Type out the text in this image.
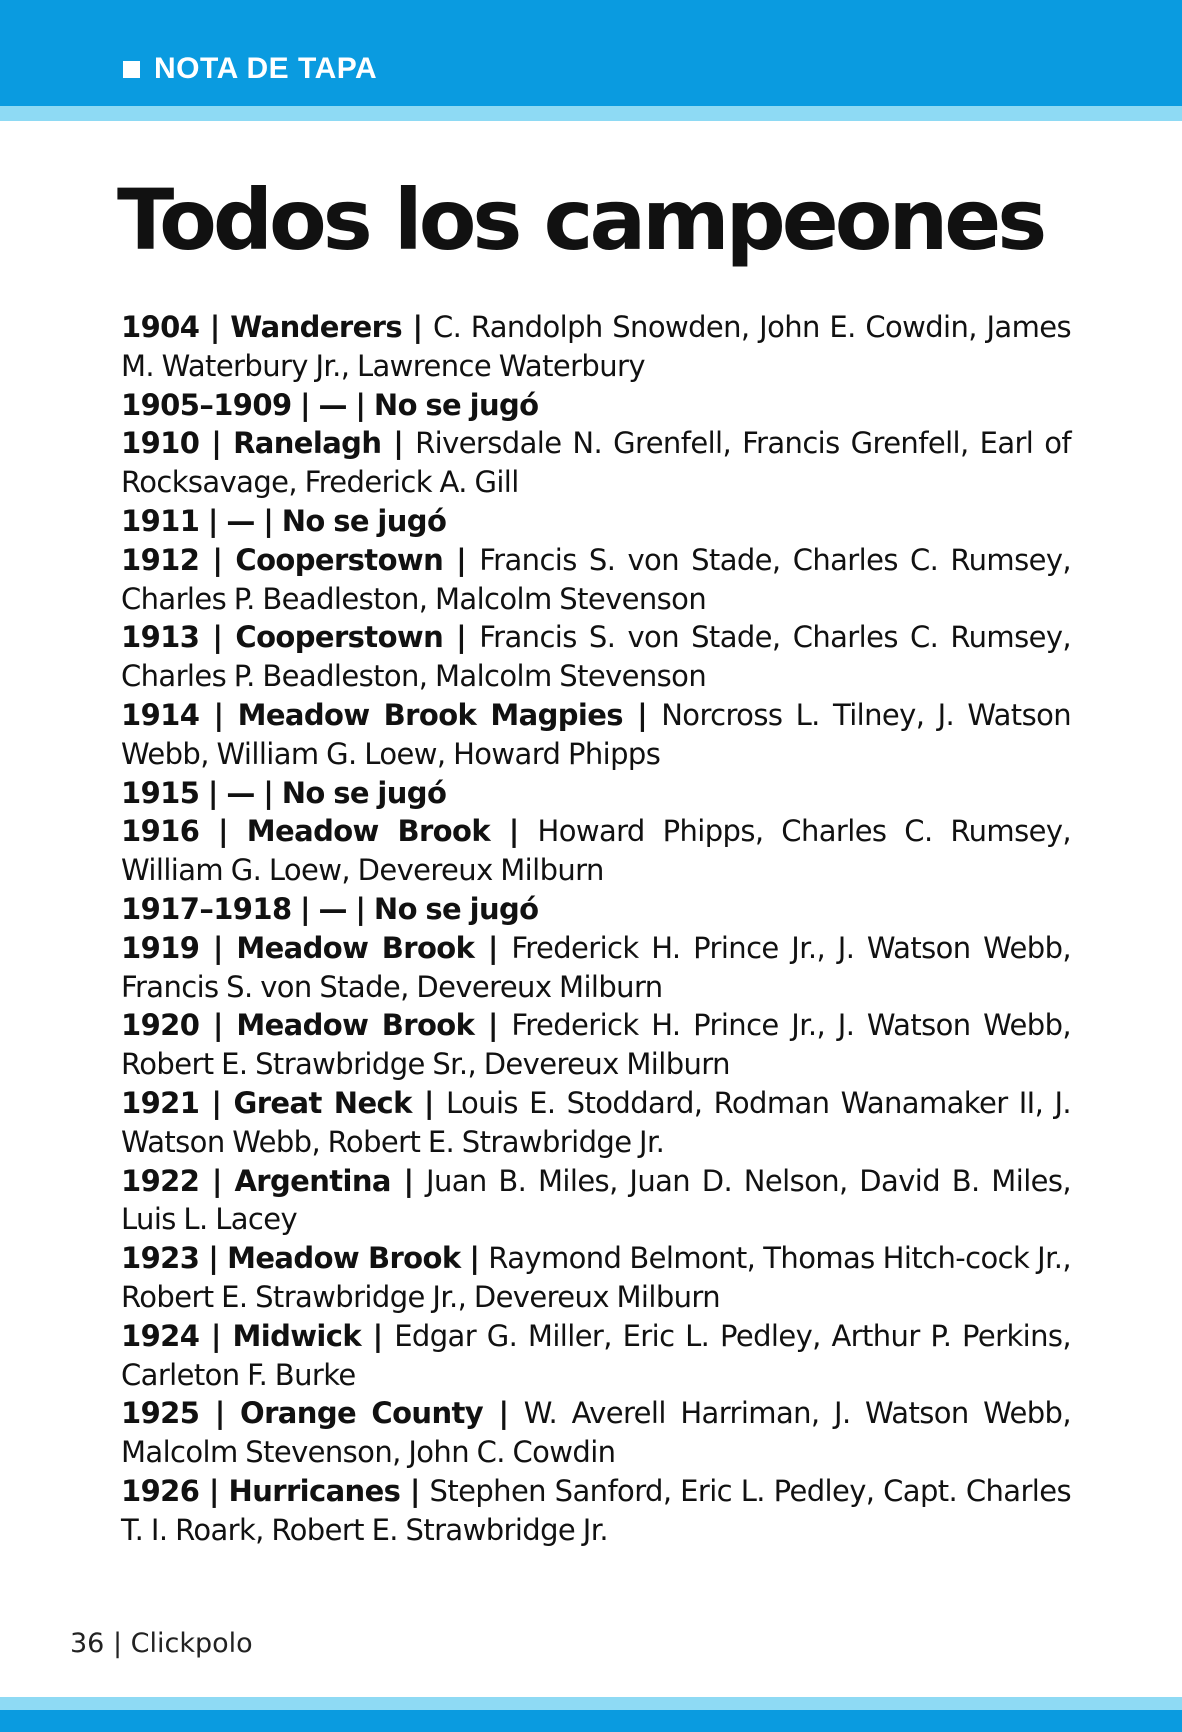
NOTA DE TAPA
Todos los campeones

1904 | Wanderers | C. Randolph Snowden, John E. Cowdin, James M. Waterbury Jr., Lawrence Waterbury

1905–1909 | — | No se jugó

1910 | Ranelagh | Riversdale N. Grenfell, Francis Grenfell, Earl of Rocksavage, Frederick A. Gill

1911 | — | No se jugó

1912 | Cooperstown | Francis S. von Stade, Charles C. Rumsey, Charles P. Beadleston, Malcolm Stevenson

1913 | Cooperstown | Francis S. von Stade, Charles C. Rumsey, Charles P. Beadleston, Malcolm Stevenson

1914 | Meadow Brook Magpies | Norcross L. Tilney, J. Watson Webb, William G. Loew, Howard Phipps

1915 | — | No se jugó

1916 | Meadow Brook | Howard Phipps, Charles C. Rumsey, William G. Loew, Devereux Milburn

1917–1918 | — | No se jugó

1919 | Meadow Brook | Frederick H. Prince Jr., J. Watson Webb, Francis S. von Stade, Devereux Milburn

1920 | Meadow Brook | Frederick H. Prince Jr., J. Watson Webb, Robert E. Strawbridge Sr., Devereux Milburn

1921 | Great Neck | Louis E. Stoddard, Rodman Wanamaker II, J. Watson Webb, Robert E. Strawbridge Jr.

1922 | Argentina | Juan B. Miles, Juan D. Nelson, David B. Miles, Luis L. Lacey

1923 | Meadow Brook | Raymond Belmont, Thomas Hitch-cock Jr., Robert E. Strawbridge Jr., Devereux Milburn

1924 | Midwick | Edgar G. Miller, Eric L. Pedley, Arthur P. Perkins, Carleton F. Burke

1925 | Orange County | W. Averell Harriman, J. Watson Webb, Malcolm Stevenson, John C. Cowdin

1926 | Hurricanes | Stephen Sanford, Eric L. Pedley, Capt. Charles T. I. Roark, Robert E. Strawbridge Jr.

36 | Clickpolo
